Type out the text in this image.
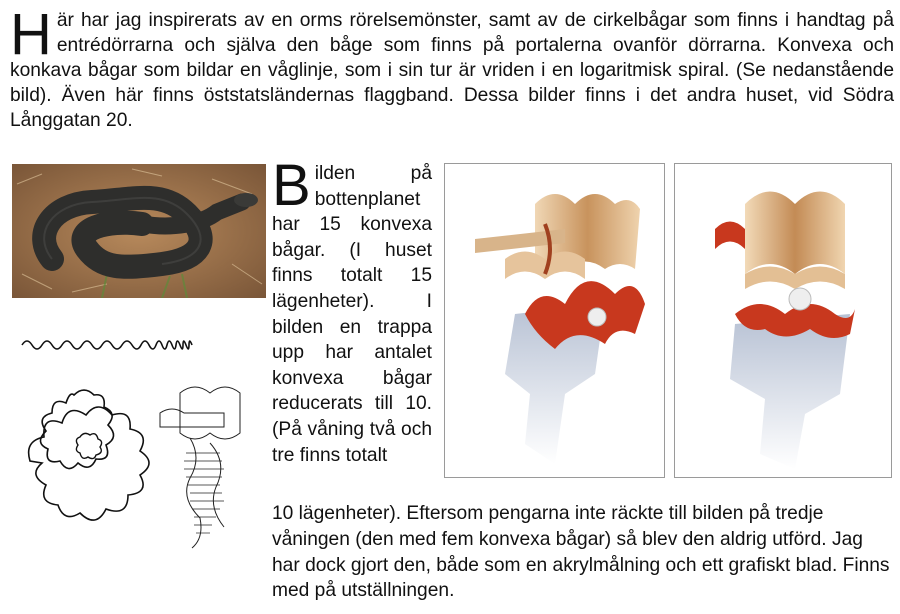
H är har jag inspirerats av en orms rörelsemönster, samt av de cirkelbågar som finns i handtag på entrédörrarna och själva den båge som finns på portalerna ovanför dörrarna. Konvexa och konkava bågar som bildar en våglinje, som i sin tur är vriden i en logaritmisk spiral. (Se nedanstående bild). Även här finns öststatsländernas flaggband. Dessa bilder finns i det andra huset, vid Södra Långgatan 20.
B ilden på bottenplanet har 15 konvexa bågar. (I huset finns totalt 15 lägenheter). I bilden en trappa upp har antalet konvexa bågar reducerats till 10. (På våning två och tre finns totalt
10 lägenheter). Eftersom pengarna inte räckte till bilden på tredje våningen (den med fem konvexa bågar) så blev den aldrig utförd. Jag har dock gjort den, både som en akrylmålning och ett grafiskt blad. Finns med på utställningen.
